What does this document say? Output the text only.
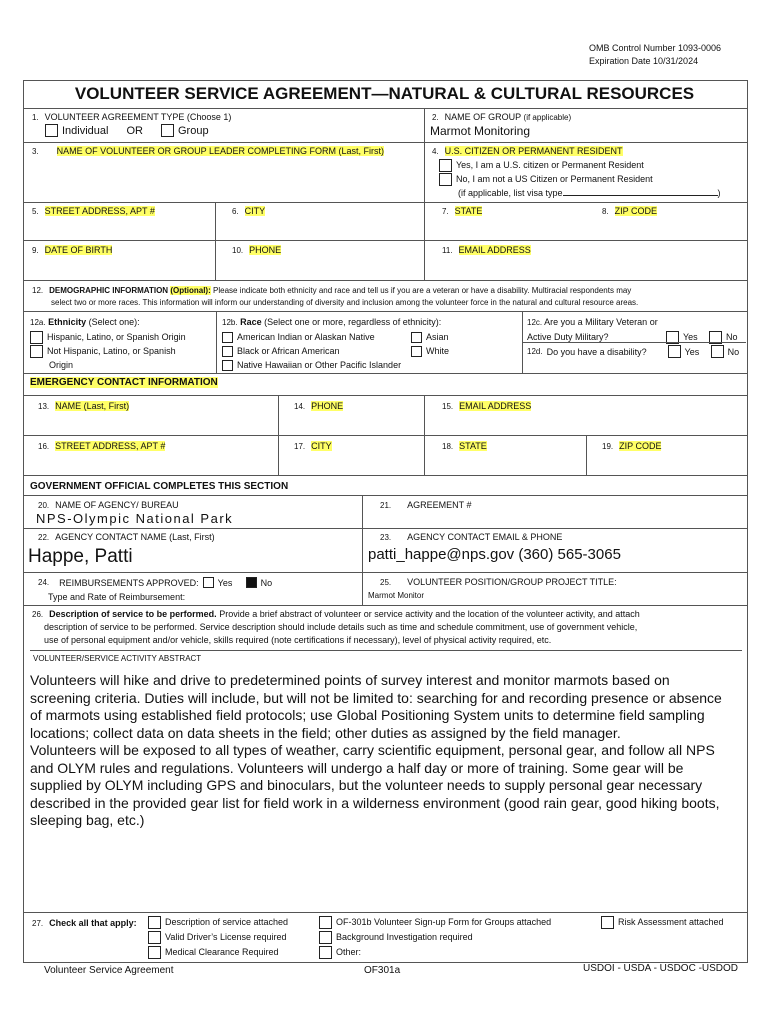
OMB Control Number 1093-0006
Expiration Date 10/31/2024
VOLUNTEER SERVICE AGREEMENT—NATURAL & CULTURAL RESOURCES
1. VOLUNTEER AGREEMENT TYPE (Choose 1)
Individual OR	Group
2. NAME OF GROUP (if applicable)
Marmot Monitoring
3. NAME OF VOLUNTEER OR GROUP LEADER COMPLETING FORM (Last, First)	4. U.S. CITIZEN OR PERMANENT RESIDENT
Yes, I am a U.S. citizen or Permanent Resident
No, I am not a US Citizen or Permanent Resident
(if applicable, list visa type	)
5. STREET ADDRESS, APT #	6. CITY	7. STATE	8. ZIP CODE
9. DATE OF BIRTH	10. PHONE	11. EMAIL ADDRESS
12. DEMOGRAPHIC INFORMATION (Optional): Please indicate both ethnicity and race and tell us if you are a veteran or have a disability. Multiracial respondents may
select two or more races. This information will inform our understanding of diversity and inclusion among the volunteer force in the natural and cultural resource areas.
12a. Ethnicity (Select one):
Hispanic, Latino, or Spanish Origin
Not Hispanic, Latino, or Spanish
Origin
12b. Race (Select one or more, regardless of ethnicity):
American Indian or Alaskan Native	Asian
Black or African American	White
Native Hawaiian or Other Pacific Islander
12c. Are you a Military Veteran or
Active Duty Military?	Yes	No
12d. Do you have a disability?	Yes	No
EMERGENCY CONTACT INFORMATION
13. NAME (Last, First)	14. PHONE	15. EMAIL ADDRESS
16. STREET ADDRESS, APT #	17. CITY	18. STATE	19. ZIP CODE
GOVERNMENT OFFICIAL COMPLETES THIS SECTION
20. NAME OF AGENCY/ BUREAU
NPS-Olympic National Park
21. AGREEMENT #
22. AGENCY CONTACT NAME (Last, First)
Happe, Patti
23. AGENCY CONTACT EMAIL & PHONE
patti_happe@nps.gov (360) 565-3065
24. REIMBURSEMENTS APPROVED: Yes	No
Type and Rate of Reimbursement:
25. VOLUNTEER POSITION/GROUP PROJECT TITLE:
Marmot Monitor
26. Description of service to be performed. Provide a brief abstract of volunteer or service activity and the location of the volunteer activity, and attach
description of service to be performed. Service description should include details such as time and schedule commitment, use of government vehicle,
use of personal equipment and/or vehicle, skills required (note certifications if necessary), level of physical activity required, etc.
VOLUNTEER/SERVICE ACTIVITY ABSTRACT
Volunteers will hike and drive to predetermined points of survey interest and monitor marmots based on screening criteria. Duties will include, but will not be limited to: searching for and recording presence or absence of marmots using established field protocols; use Global Positioning System units to determine field sampling locations; collect data on data sheets in the field; other duties as assigned by the field manager.
Volunteers will be exposed to all types of weather, carry scientific equipment, personal gear, and follow all NPS and OLYM rules and regulations. Volunteers will undergo a half day or more of training. Some gear will be supplied by OLYM including GPS and binoculars, but the volunteer needs to supply personal gear necessary described in the provided gear list for field work in a wilderness environment (good rain gear, good hiking boots, sleeping bag, etc.)
27. Check all that apply:	Description of service attached
Valid Driver’s License required
Medical Clearance Required
OF-301b Volunteer Sign-up Form for Groups attached
Background Investigation required
Other:
Risk Assessment attached
Volunteer Service Agreement	OF301a	USDOI - USDA - USDOC -USDOD
